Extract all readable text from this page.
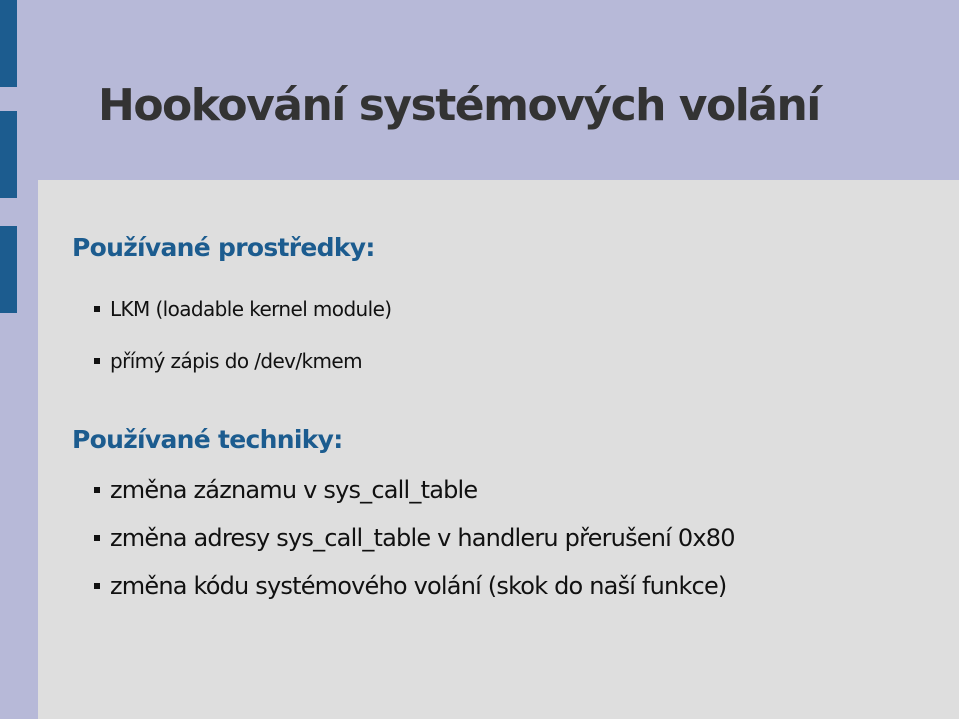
Hookování systémových volání
Používané prostředky:
LKM (loadable kernel module)
přímý zápis do /dev/kmem
Používané techniky:
změna záznamu v sys_call_table
změna adresy sys_call_table v handleru přerušení 0x80
změna kódu systémového volání (skok do naší funkce)
